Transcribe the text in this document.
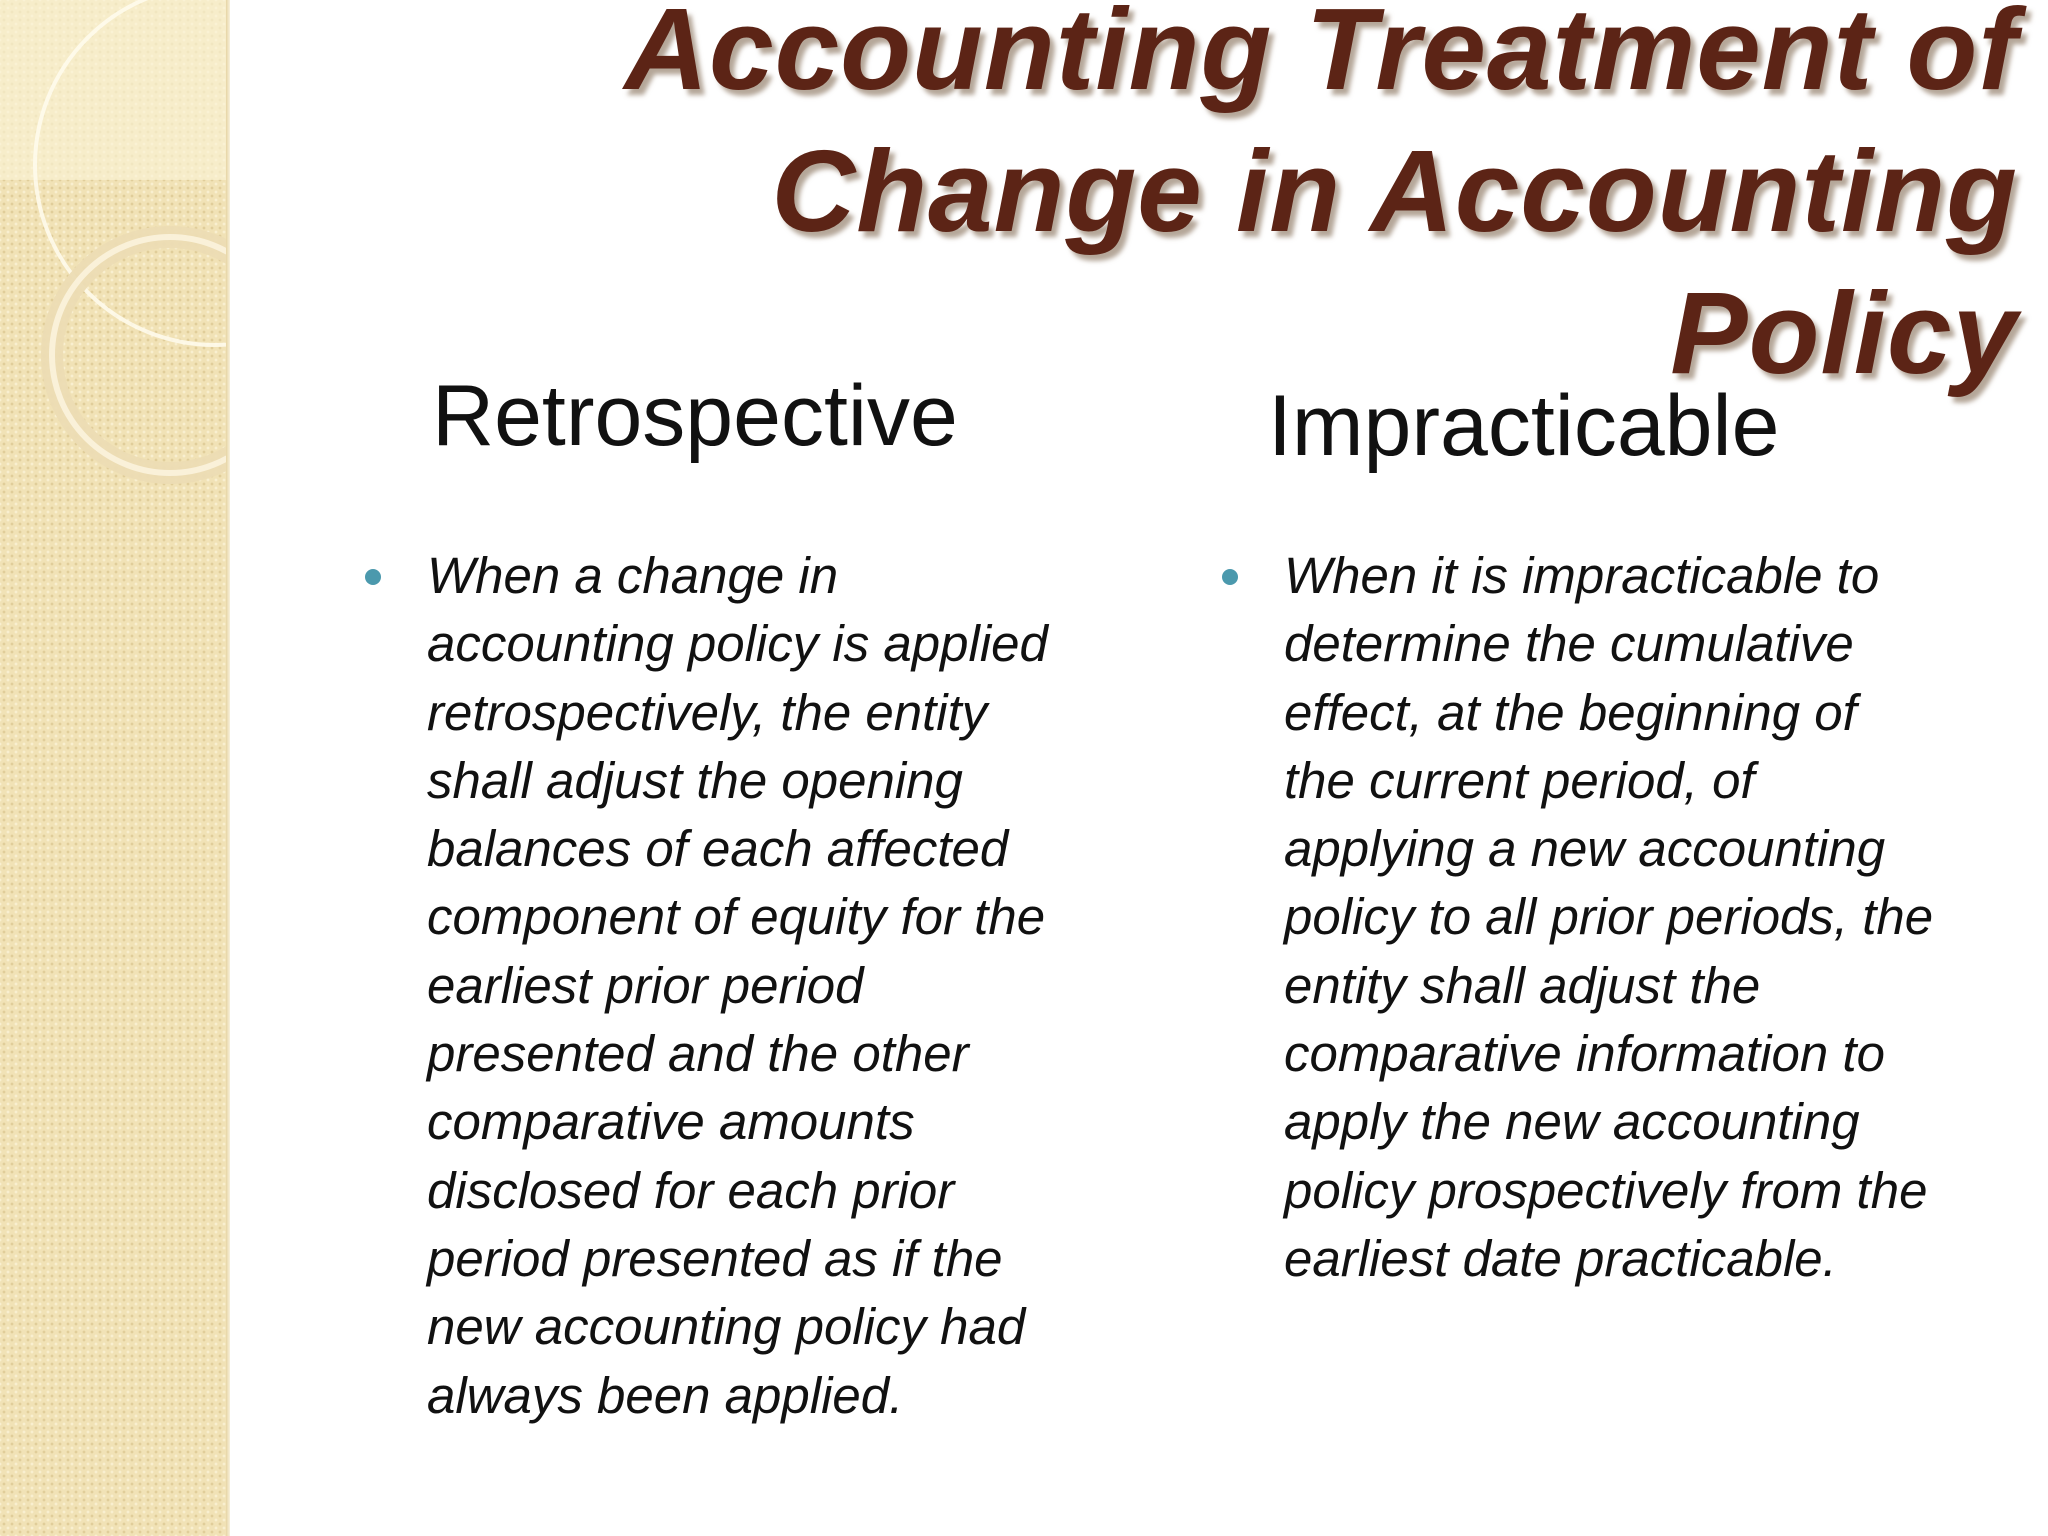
Accounting Treatment of Change in Accounting Policy

Retrospective	Impracticable

When a change in
accounting policy is applied
retrospectively, the entity
shall adjust the opening
balances of each affected
component of equity for the
earliest prior period
presented and the other
comparative amounts
disclosed for each prior
period presented as if the
new accounting policy had
always been applied.

When it is impracticable to
determine the cumulative
effect, at the beginning of
the current period, of
applying a new accounting
policy to all prior periods, the
entity shall adjust the
comparative information to
apply the new accounting
policy prospectively from the
earliest date practicable.
